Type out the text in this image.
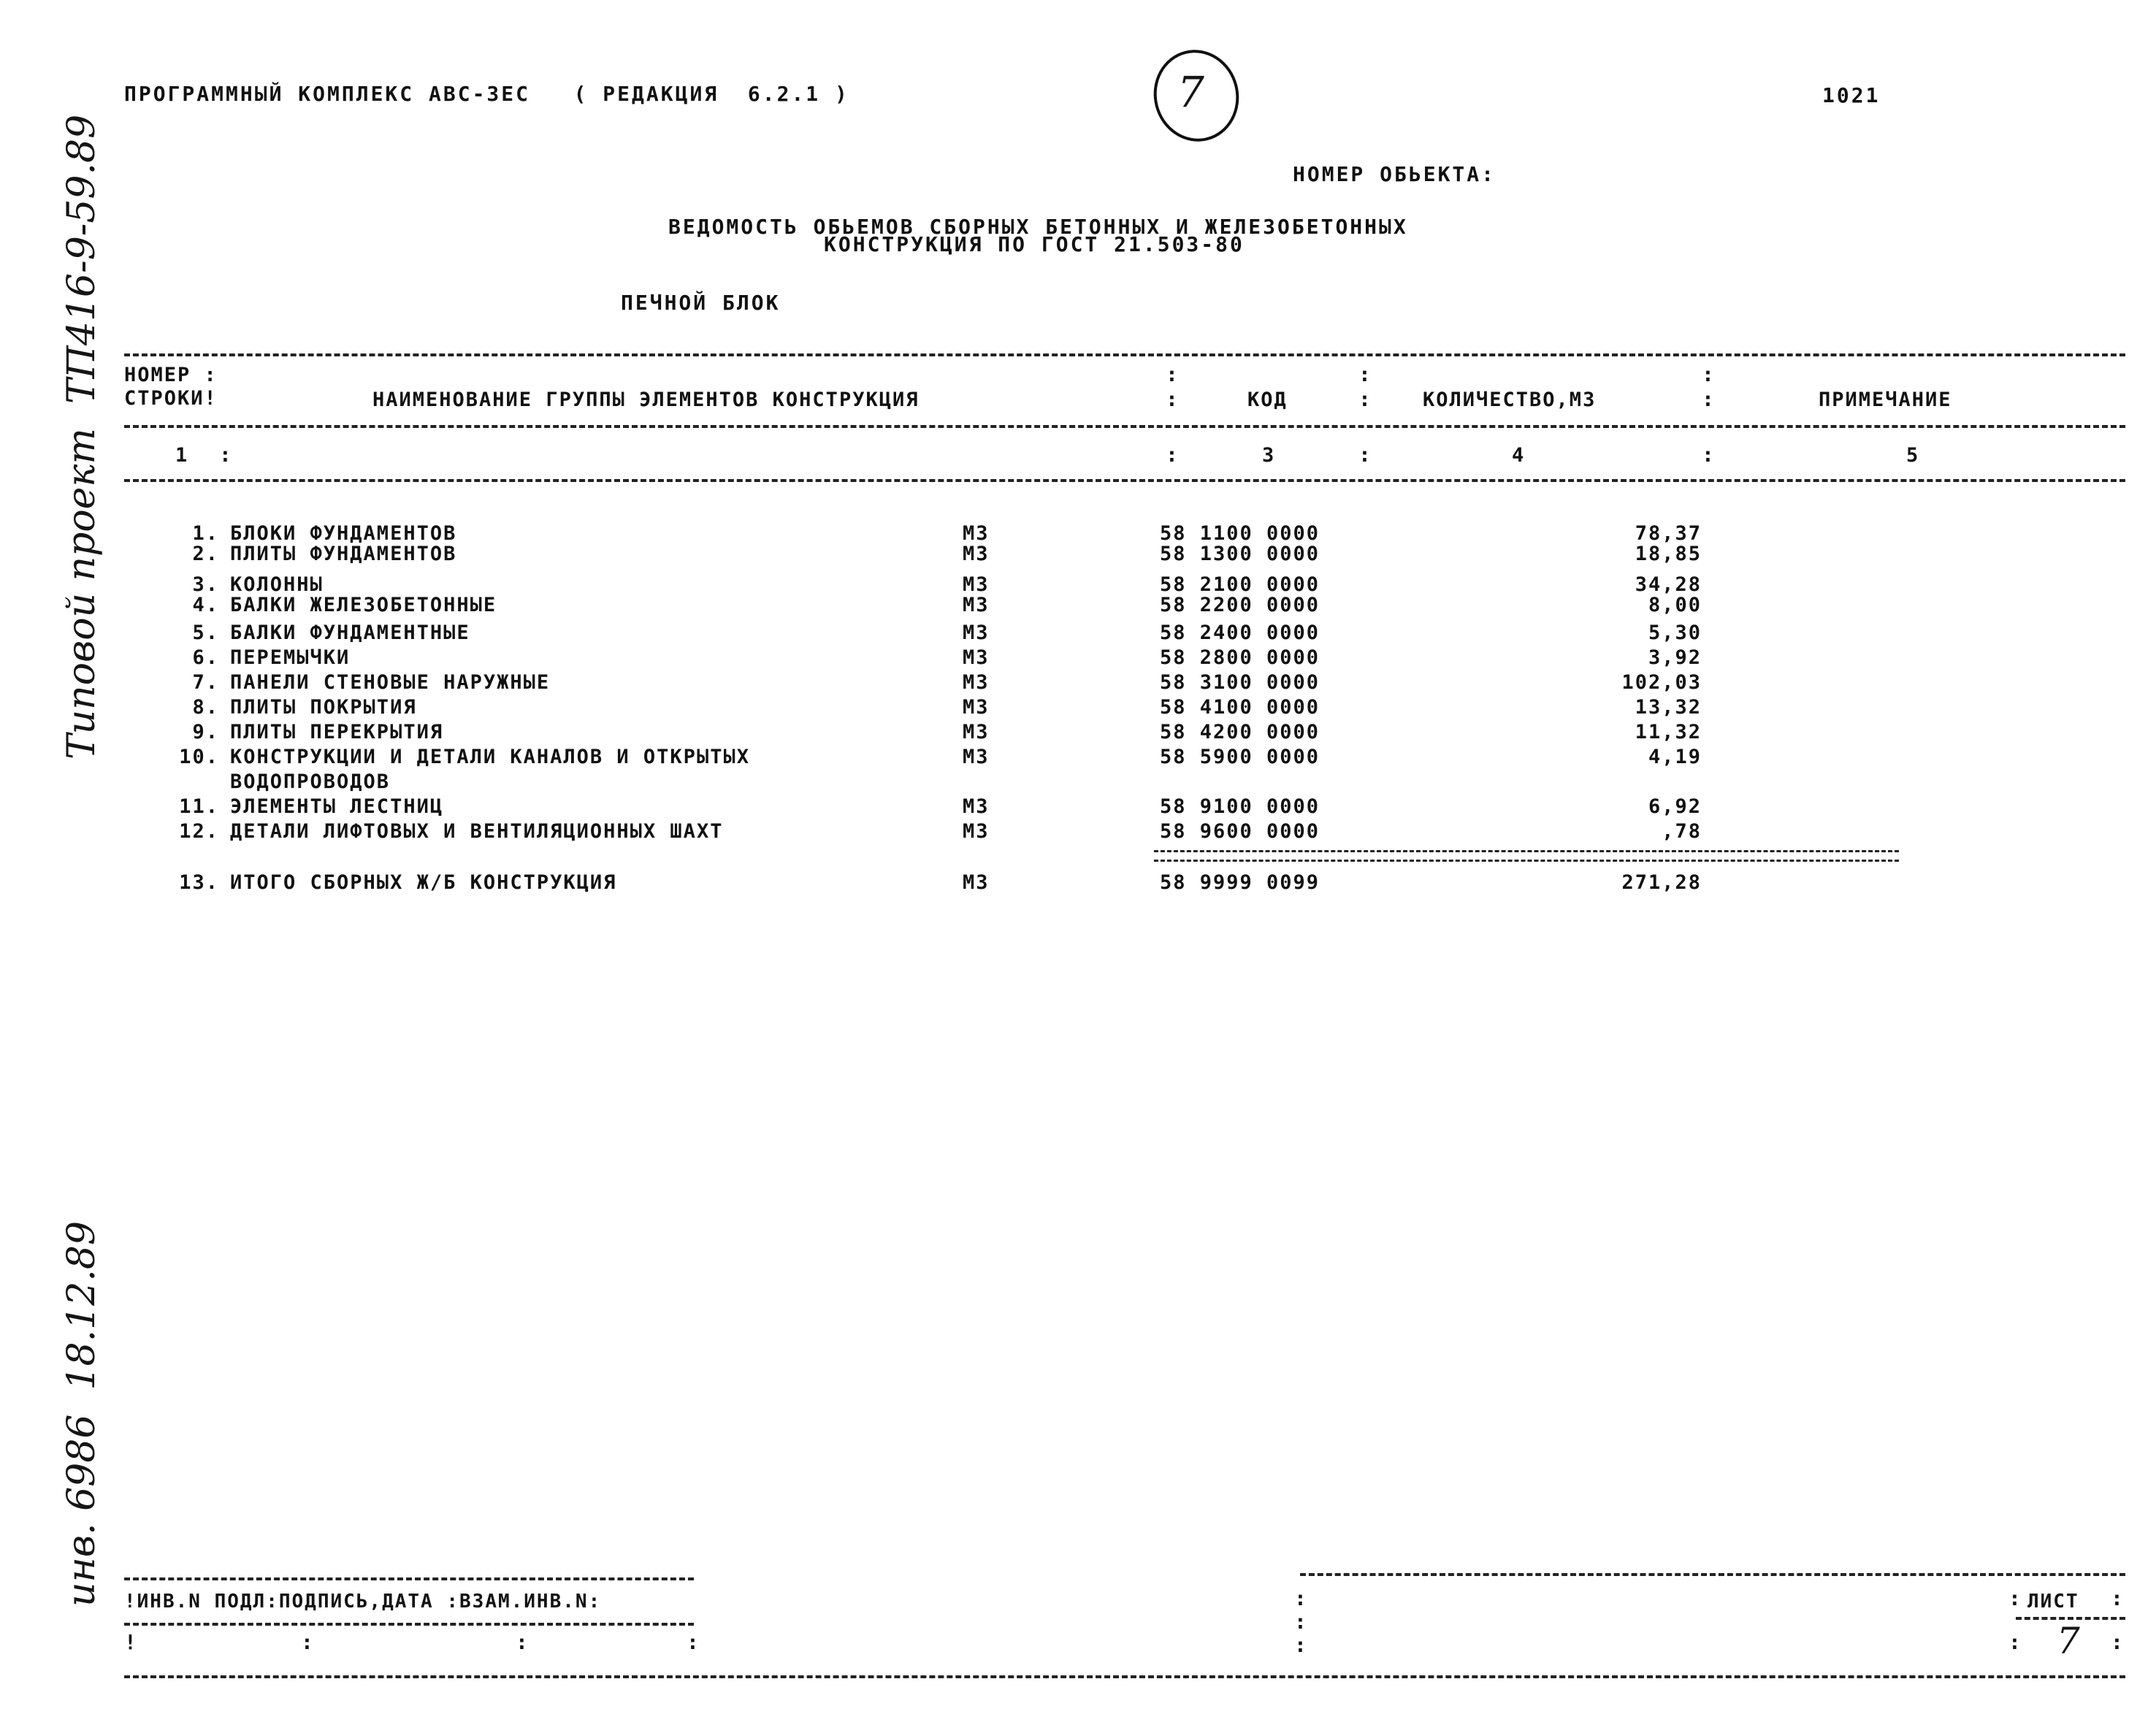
ПРОГРАММНЫЙ КОМПЛЕКС АВС-ЗЕС   ( РЕДАКЦИЯ  6.2.1 )	1021
7
НОМЕР ОБЬЕКТА:
ВЕДОМОСТЬ ОБЬЕМОВ СБОРНЫХ БЕТОННЫХ И ЖЕЛЕЗОБЕТОННЫХ
КОНСТРУКЦИЯ ПО ГОСТ 21.503-80
ПЕЧНОЙ БЛОК
НОМЕР :
СТРОКИ!	НАИМЕНОВАНИЕ ГРУППЫ ЭЛЕМЕНТОВ КОНСТРУКЦИЯ	КОД	КОЛИЧЕСТВО,М3	ПРИМЕЧАНИЕ
:
:
:
:
:
:
1 :	:	3	:	4	:	5
1. БЛОКИ ФУНДАМЕНТОВ	М3	58 1100 0000	78,37
2. ПЛИТЫ ФУНДАМЕНТОВ	М3	58 1300 0000	18,85
3. КОЛОННЫ	М3	58 2100 0000	34,28
4. БАЛКИ ЖЕЛЕЗОБЕТОННЫЕ	М3	58 2200 0000	8,00
5. БАЛКИ ФУНДАМЕНТНЫЕ	М3	58 2400 0000	5,30
6. ПЕРЕМЫЧКИ	М3	58 2800 0000	3,92
7. ПАНЕЛИ СТЕНОВЫЕ НАРУЖНЫЕ	М3	58 3100 0000	102,03
8. ПЛИТЫ ПОКРЫТИЯ	М3	58 4100 0000	13,32
9. ПЛИТЫ ПЕРЕКРЫТИЯ	М3	58 4200 0000	11,32
10. КОНСТРУКЦИИ И ДЕТАЛИ КАНАЛОВ И ОТКРЫТЫХ	М3	58 5900 0000	4,19
ВОДОПРОВОДОВ
11. ЭЛЕМЕНТЫ ЛЕСТНИЦ	М3	58 9100 0000	6,92
12. ДЕТАЛИ ЛИФТОВЫХ И ВЕНТИЛЯЦИОННЫХ ШАХТ	М3	58 9600 0000	,78
13. ИТОГО СБОРНЫХ Ж/Б КОНСТРУКЦИЯ	М3	58 9999 0099	271,28
Типовой проект  ТП416-9-59.89
инв. 6986  18.12.89 !ИНВ.N ПОДЛ:ПОДПИСЬ,ДАТА :ВЗАМ.ИНВ.N:
!	:	:	:
:
:
:
: ЛИСТ :
: 7 :
